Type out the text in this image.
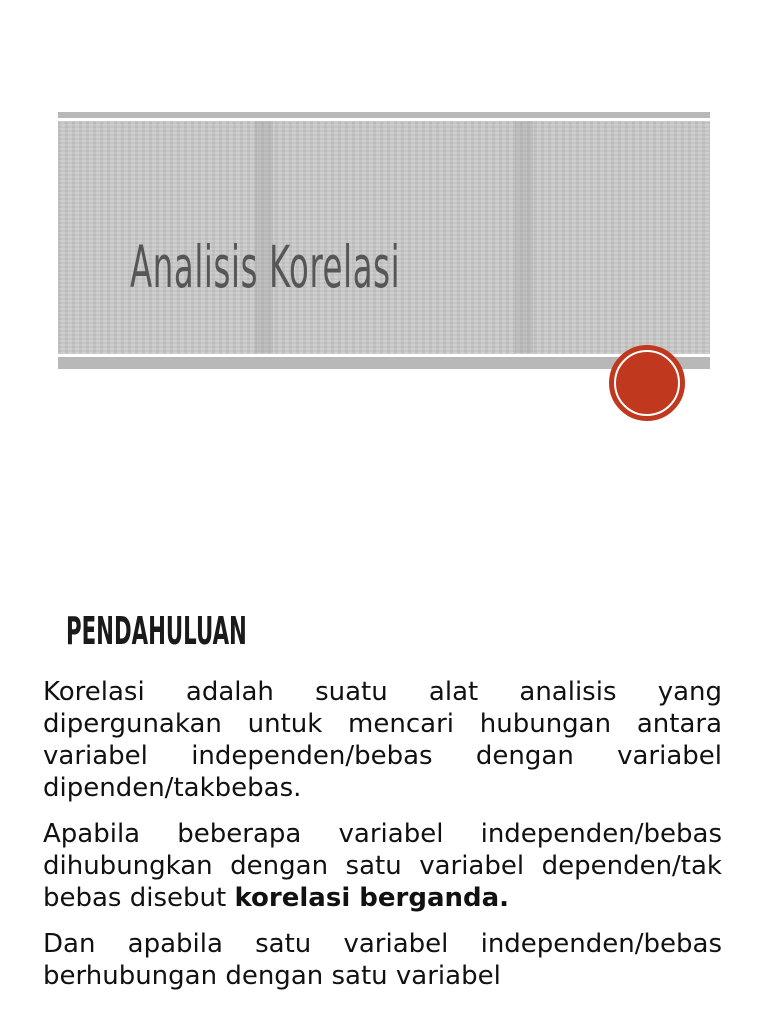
Analisis Korelasi
PENDAHULUAN

Korelasi adalah suatu alat analisis yang dipergunakan untuk mencari hubungan antara variabel independen/bebas dengan variabel dipenden/takbebas.

Apabila beberapa variabel independen/bebas dihubungkan dengan satu variabel dependen/tak bebas disebut korelasi berganda.

Dan apabila satu variabel independen/bebas berhubungan dengan satu variabel
